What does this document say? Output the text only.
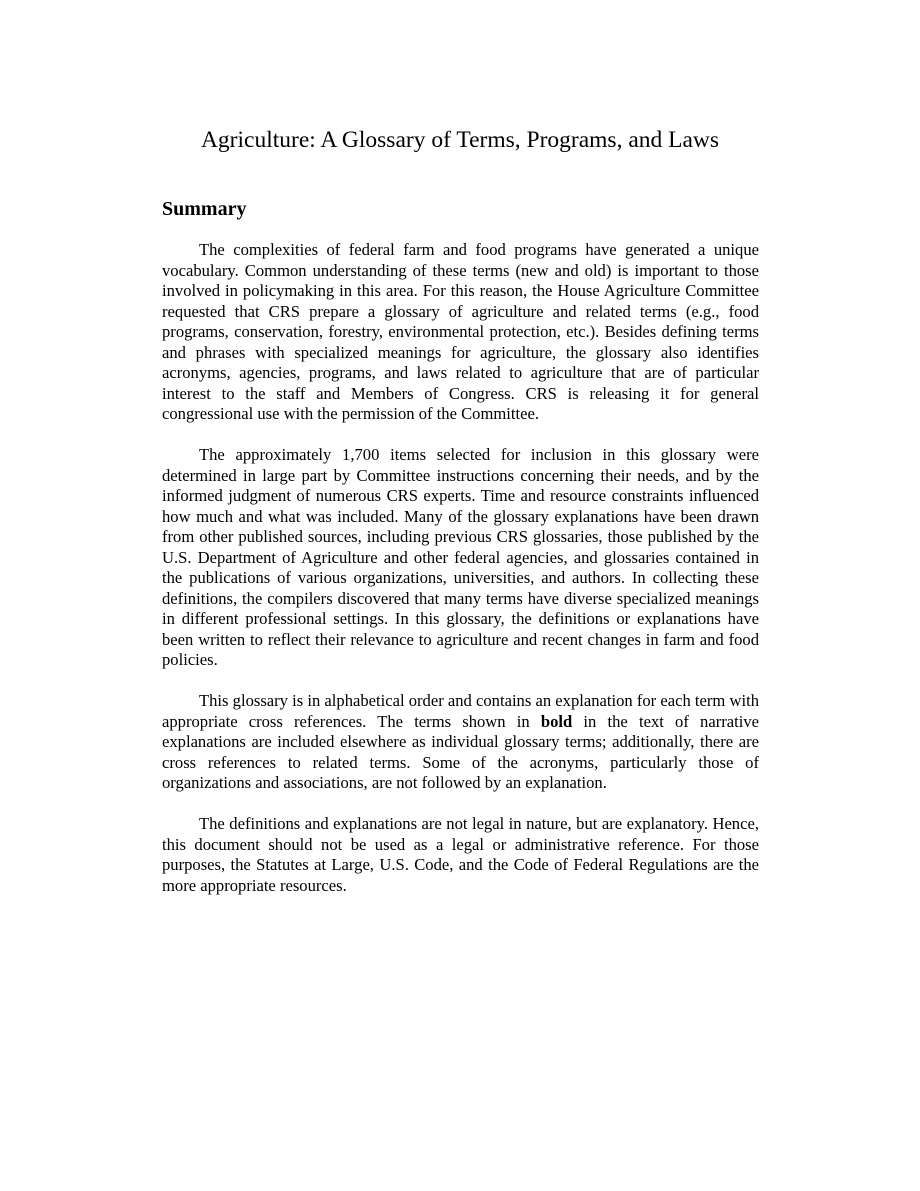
Agriculture: A Glossary of Terms, Programs, and Laws
Summary

The complexities of federal farm and food programs have generated a unique vocabulary. Common understanding of these terms (new and old) is important to those involved in policymaking in this area. For this reason, the House Agriculture Committee requested that CRS prepare a glossary of agriculture and related terms (e.g., food programs, conservation, forestry, environmental protection, etc.). Besides defining terms and phrases with specialized meanings for agriculture, the glossary also identifies acronyms, agencies, programs, and laws related to agriculture that are of particular interest to the staff and Members of Congress. CRS is releasing it for general congressional use with the permission of the Committee.

The approximately 1,700 items selected for inclusion in this glossary were determined in large part by Committee instructions concerning their needs, and by the informed judgment of numerous CRS experts. Time and resource constraints influenced how much and what was included. Many of the glossary explanations have been drawn from other published sources, including previous CRS glossaries, those published by the U.S. Department of Agriculture and other federal agencies, and glossaries contained in the publications of various organizations, universities, and authors. In collecting these definitions, the compilers discovered that many terms have diverse specialized meanings in different professional settings. In this glossary, the definitions or explanations have been written to reflect their relevance to agriculture and recent changes in farm and food policies.

This glossary is in alphabetical order and contains an explanation for each term with appropriate cross references. The terms shown in bold in the text of narrative explanations are included elsewhere as individual glossary terms; additionally, there are cross references to related terms. Some of the acronyms, particularly those of organizations and associations, are not followed by an explanation.

The definitions and explanations are not legal in nature, but are explanatory. Hence, this document should not be used as a legal or administrative reference. For those purposes, the Statutes at Large, U.S. Code, and the Code of Federal Regulations are the more appropriate resources.
